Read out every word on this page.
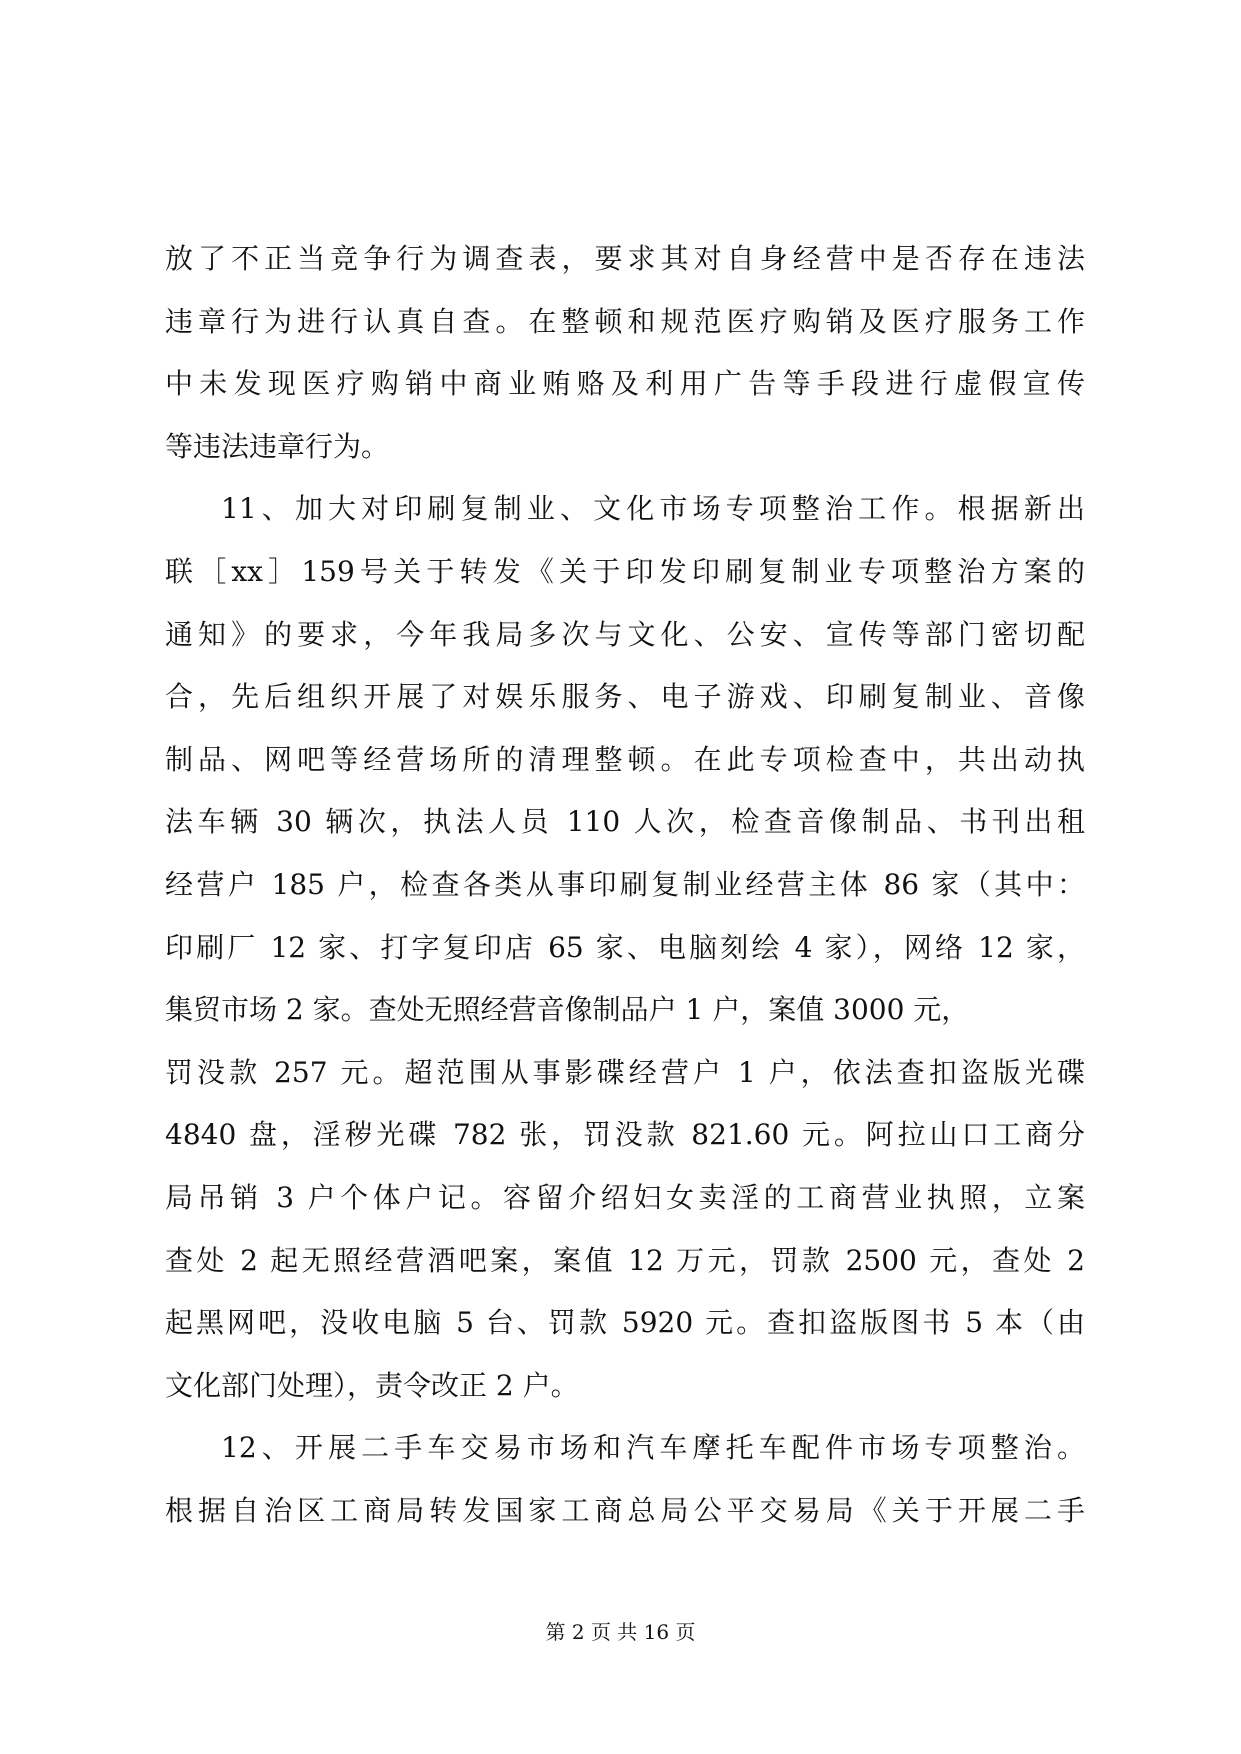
放了不正当竞争行为调查表，要求其对自身经营中是否存在违法
违章行为进行认真自查。在整顿和规范医疗购销及医疗服务工作
中未发现医疗购销中商业贿赂及利用广告等手段进行虚假宣传
等违法违章行为。
11、加大对印刷复制业、文化市场专项整治工作。根据新出
联［xx］159号关于转发《关于印发印刷复制业专项整治方案的
通知》的要求，今年我局多次与文化、公安、宣传等部门密切配
合，先后组织开展了对娱乐服务、电子游戏、印刷复制业、音像
制品、网吧等经营场所的清理整顿。在此专项检查中，共出动执
法车辆 30 辆次，执法人员 110 人次，检查音像制品、书刊出租
经营户 185 户，检查各类从事印刷复制业经营主体 86 家（其中：
印刷厂 12 家、打字复印店 65 家、电脑刻绘 4 家），网络 12 家，
集贸市场 2 家。查处无照经营音像制品户 1 户，案值 3000 元，
罚没款 257 元。超范围从事影碟经营户 1 户，依法查扣盗版光碟
4840 盘，淫秽光碟 782 张，罚没款 821.60 元。阿拉山口工商分
局吊销 3 户个体户记。容留介绍妇女卖淫的工商营业执照，立案
查处 2 起无照经营酒吧案，案值 12 万元，罚款 2500 元，查处 2
起黑网吧，没收电脑 5 台、罚款 5920 元。查扣盗版图书 5 本（由
文化部门处理），责令改正 2 户。
12、开展二手车交易市场和汽车摩托车配件市场专项整治。
根据自治区工商局转发国家工商总局公平交易局《关于开展二手
第 2 页 共 16 页
